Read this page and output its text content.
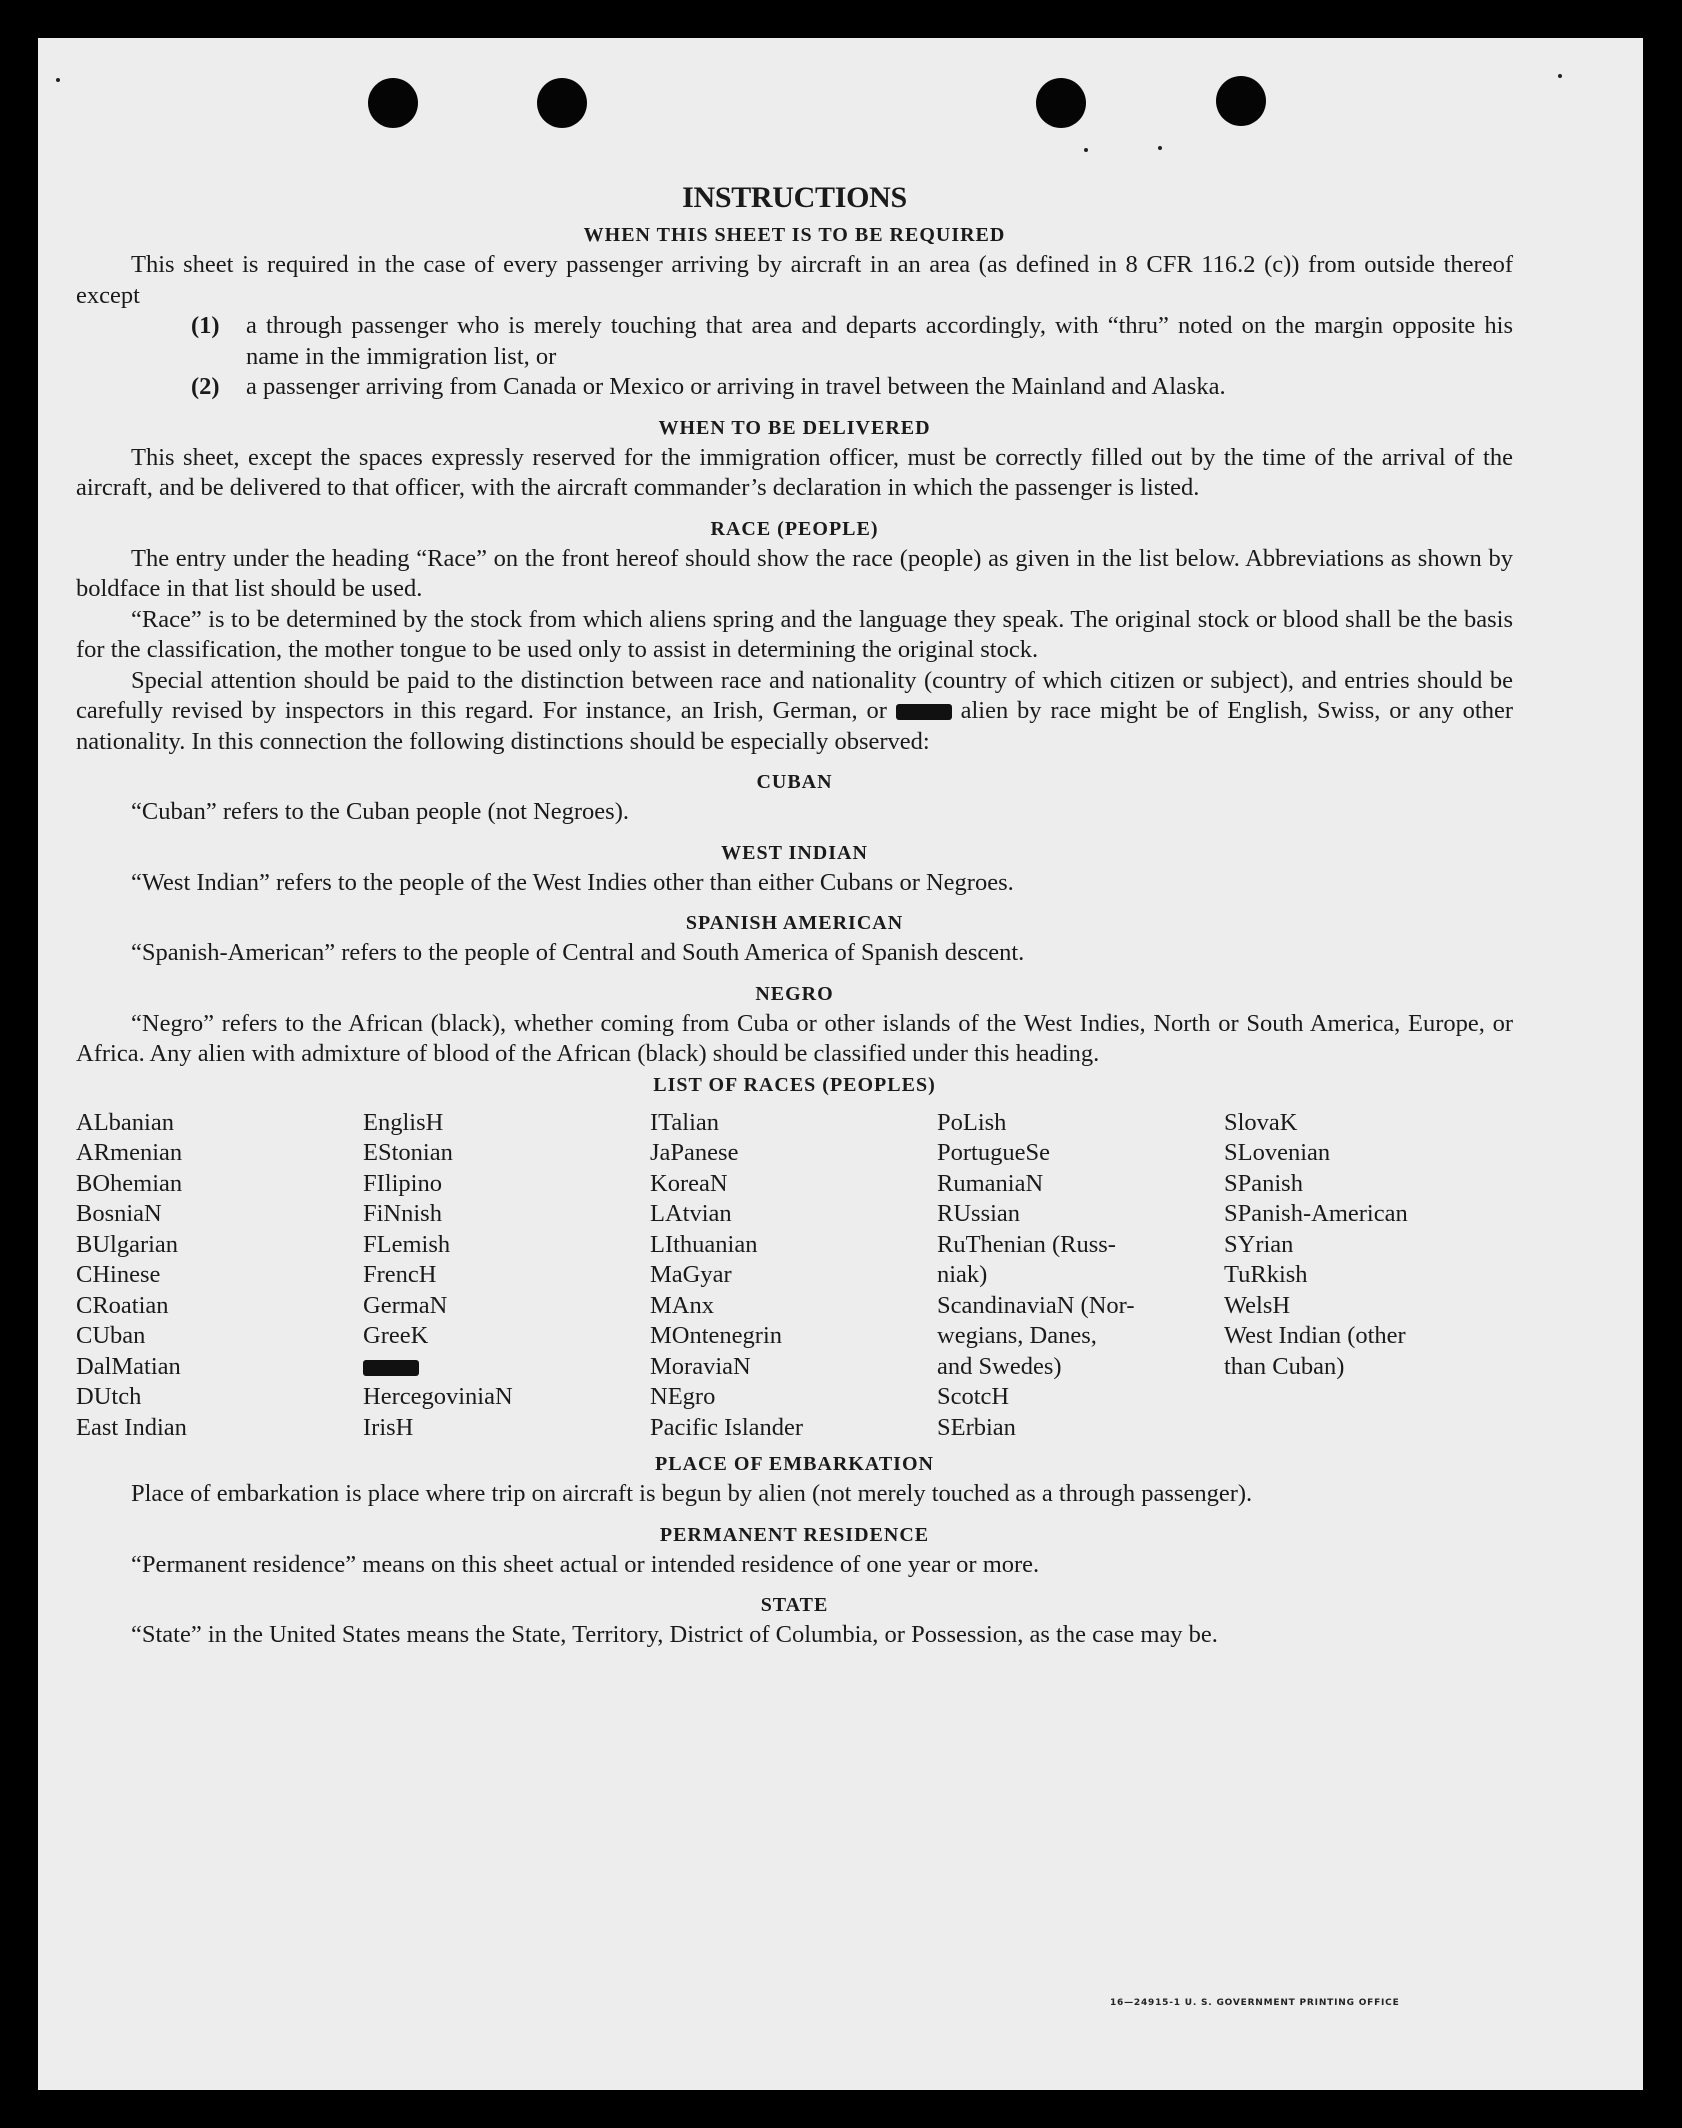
INSTRUCTIONS
WHEN THIS SHEET IS TO BE REQUIRED

This sheet is required in the case of every passenger arriving by aircraft in an area (as defined in 8 CFR 116.2 (c)) from outside thereof except

(1)	a through passenger who is merely touching that area and departs accordingly, with “thru” noted on the margin opposite his name in the immigration list, or
(2)	a passenger arriving from Canada or Mexico or arriving in travel between the Mainland and Alaska.
WHEN TO BE DELIVERED

This sheet, except the spaces expressly reserved for the immigration officer, must be correctly filled out by the time of the arrival of the aircraft, and be delivered to that officer, with the aircraft commander’s declaration in which the passenger is listed.

RACE (PEOPLE)

The entry under the heading “Race” on the front hereof should show the race (people) as given in the list below. Abbreviations as shown by boldface in that list should be used.

“Race” is to be determined by the stock from which aliens spring and the language they speak. The original stock or blood shall be the basis for the classification, the mother tongue to be used only to assist in determining the original stock.

Special attention should be paid to the distinction between race and nationality (country of which citizen or subject), and entries should be carefully revised by inspectors in this regard. For instance, an Irish, German, or	alien by race might be of English, Swiss, or any other nationality. In this connection the following distinctions should be especially observed:

CUBAN

“Cuban” refers to the Cuban people (not Negroes).

WEST INDIAN

“West Indian” refers to the people of the West Indies other than either Cubans or Negroes.

SPANISH AMERICAN

“Spanish-American” refers to the people of Central and South America of Spanish descent.

NEGRO

“Negro” refers to the African (black), whether coming from Cuba or other islands of the West Indies, North or South America, Europe, or Africa. Any alien with admixture of blood of the African (black) should be classified under this heading.

LIST OF RACES (PEOPLES)
ALbanian
ARmenian
BOhemian
BosniaN
BUlgarian
CHinese
CRoatian
CUban
DalMatian
DUtch
East Indian
EnglisH
EStonian
FIlipino
FiNnish
FLemish
FrencH
GermaN
GreeK
HercegoviniaN
IrisH
ITalian
JaPanese
KoreaN
LAtvian
LIthuanian
MaGyar
MAnx
MOntenegrin
MoraviaN
NEgro
Pacific Islander
PoLish
PortugueSe
RumaniaN
RUssian
RuThenian (Russ-
niak)
ScandinaviaN (Nor-
wegians, Danes,
and Swedes)
ScotcH
SErbian
SlovaK
SLovenian
SPanish
SPanish-American
SYrian
TuRkish
WelsH
West Indian (other
than Cuban)
PLACE OF EMBARKATION

Place of embarkation is place where trip on aircraft is begun by alien (not merely touched as a through passenger).

PERMANENT RESIDENCE

“Permanent residence” means on this sheet actual or intended residence of one year or more.

STATE

“State” in the United States means the State, Territory, District of Columbia, or Possession, as the case may be.

16—24915-1 U. S. GOVERNMENT PRINTING OFFICE
